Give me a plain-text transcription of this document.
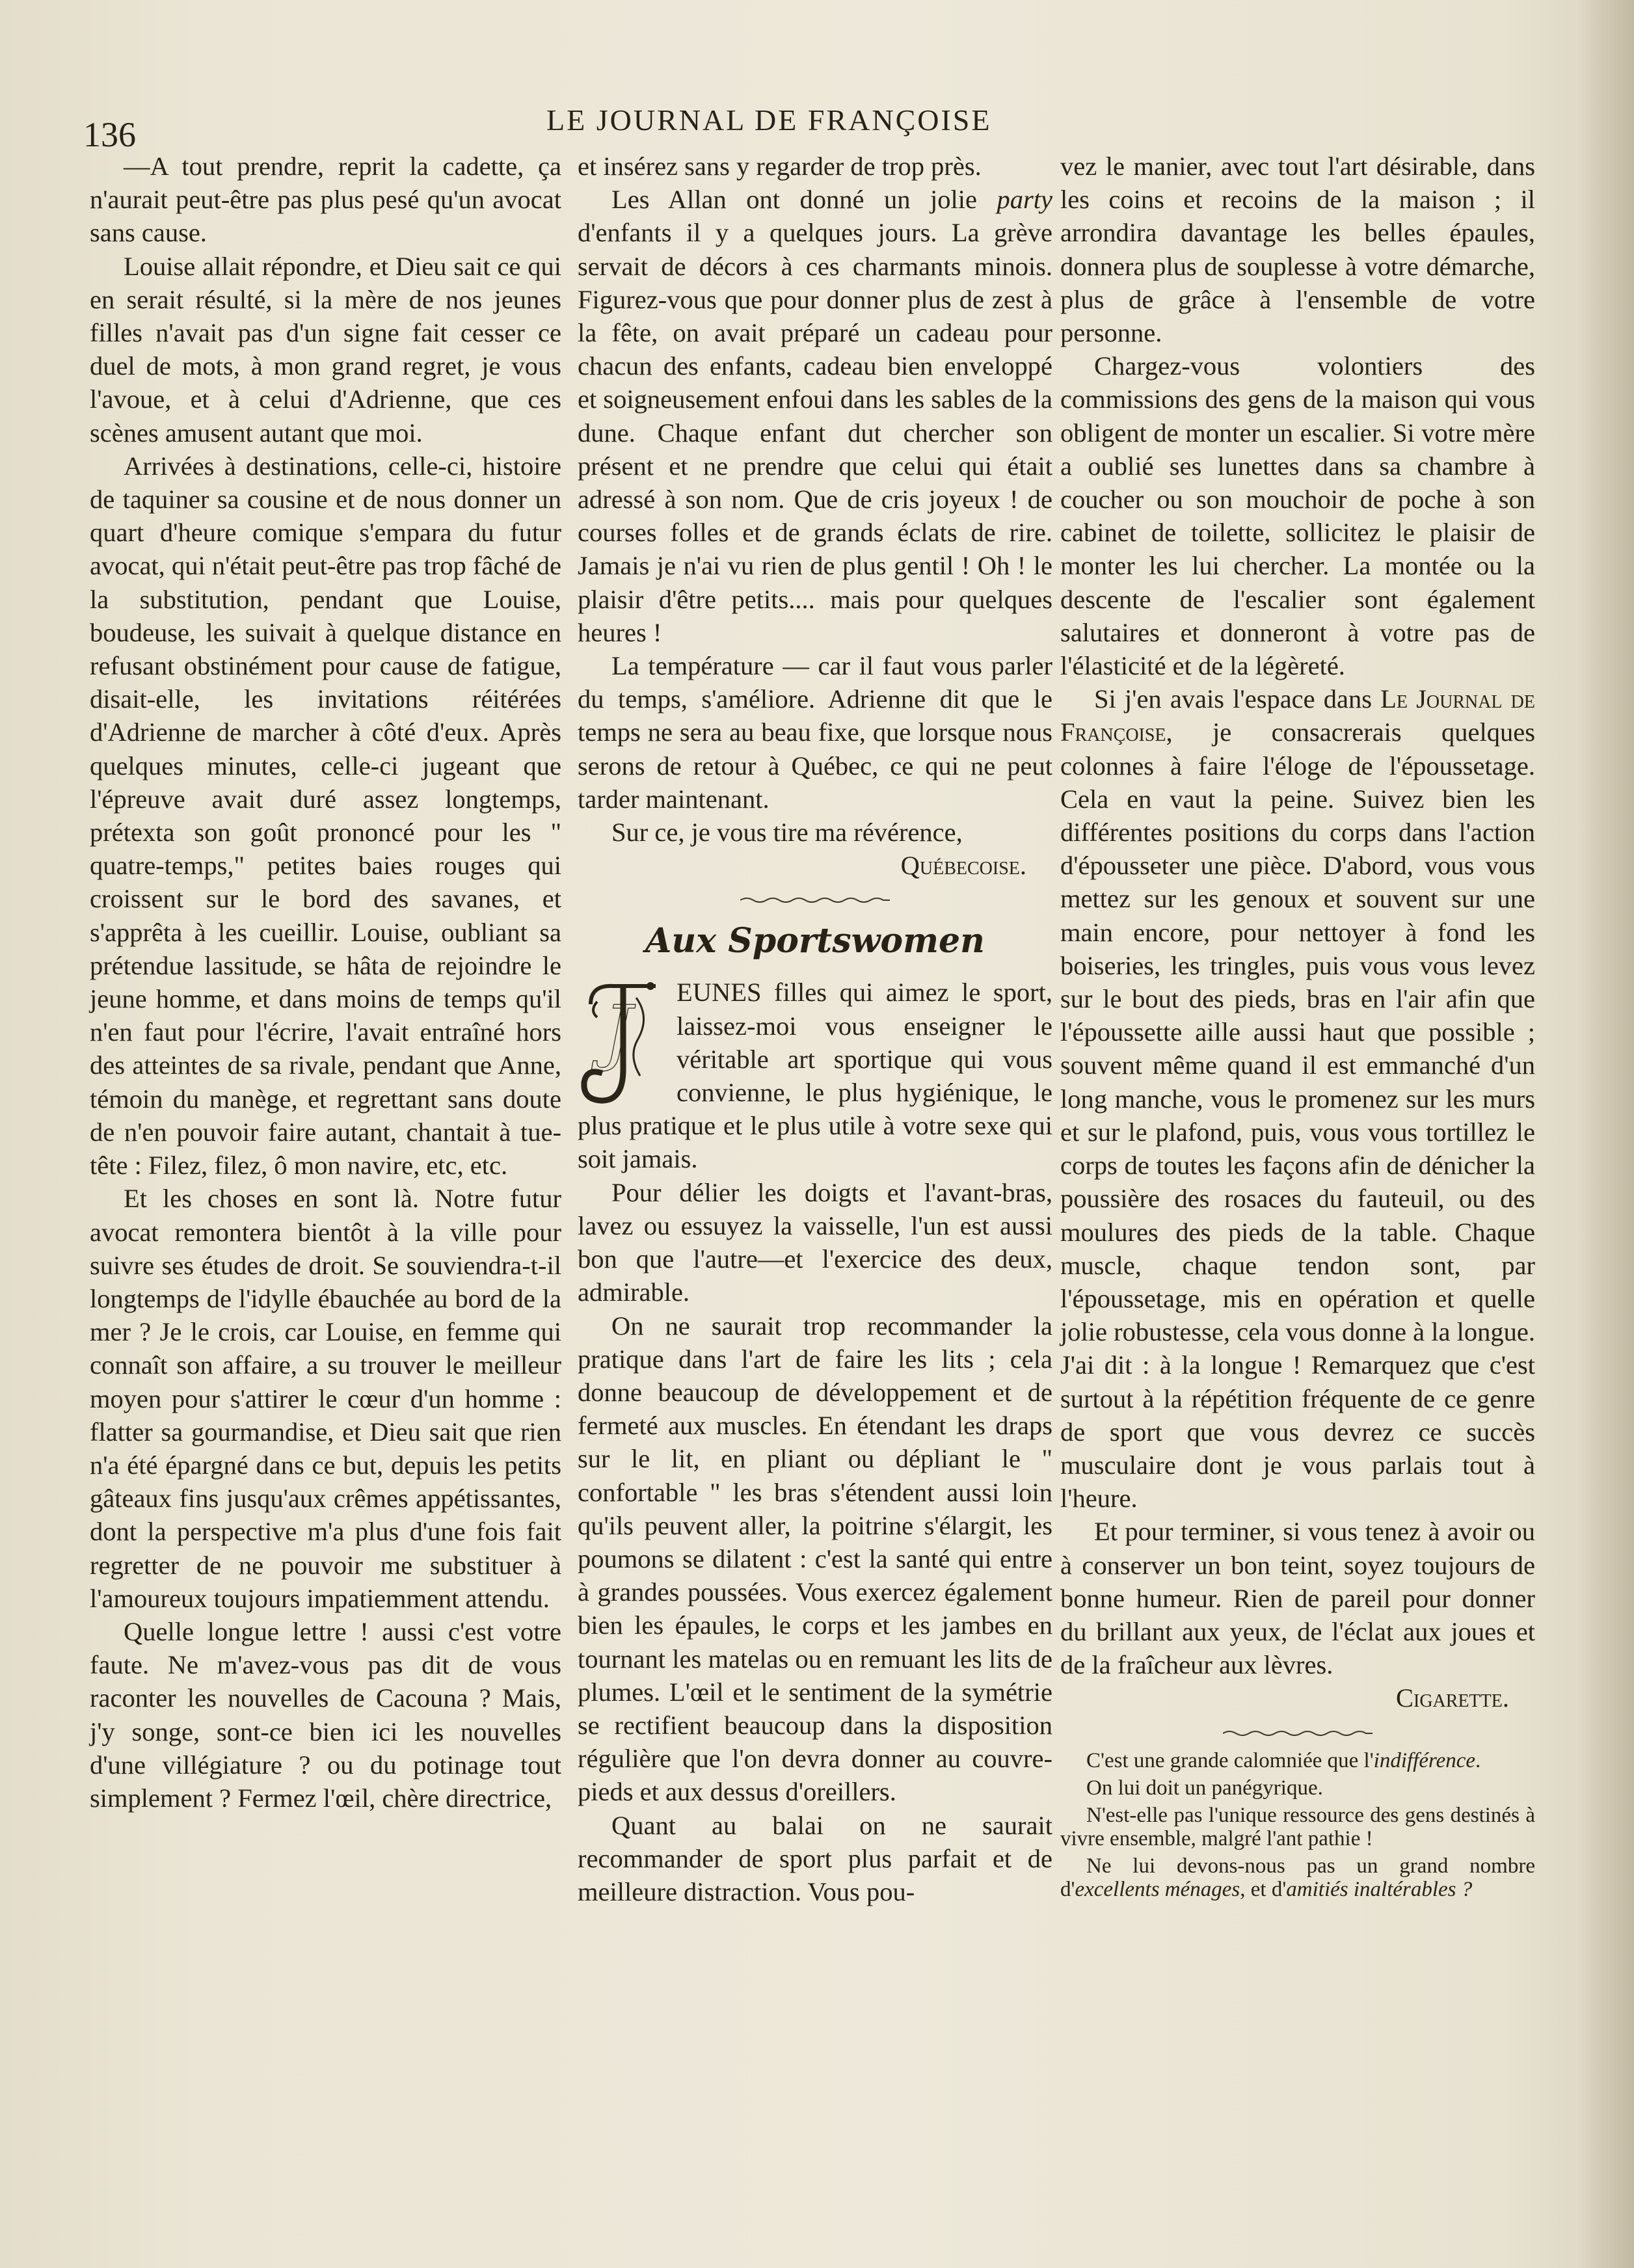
136	LE JOURNAL DE FRANÇOISE

—A tout prendre, reprit la cadette, ça n'aurait peut-être pas plus pesé qu'un avocat sans cause.

Louise allait répondre, et Dieu sait ce qui en serait résulté, si la mère de nos jeunes filles n'avait pas d'un signe fait cesser ce duel de mots, à mon grand regret, je vous l'avoue, et à celui d'Adrienne, que ces scènes amusent autant que moi.

Arrivées à destinations, celle-ci, histoire de taquiner sa cousine et de nous donner un quart d'heure comique s'empara du futur avocat, qui n'était peut-être pas trop fâché de la substitution, pendant que Louise, boudeuse, les suivait à quelque distance en refusant obstinément pour cause de fatigue, disait-elle, les invitations réitérées d'Adrienne de marcher à côté d'eux. Après quelques minutes, celle-ci jugeant que l'épreuve avait duré assez longtemps, prétexta son goût prononcé pour les " quatre-temps," petites baies rouges qui croissent sur le bord des savanes, et s'apprêta à les cueillir. Louise, oubliant sa prétendue lassitude, se hâta de rejoindre le jeune homme, et dans moins de temps qu'il n'en faut pour l'écrire, l'avait entraîné hors des atteintes de sa rivale, pendant que Anne, témoin du manège, et regrettant sans doute de n'en pouvoir faire autant, chantait à tue-tête : Filez, filez, ô mon navire, etc, etc.

Et les choses en sont là. Notre futur avocat remontera bientôt à la ville pour suivre ses études de droit. Se souviendra-t-il longtemps de l'idylle ébauchée au bord de la mer ? Je le crois, car Louise, en femme qui connaît son affaire, a su trouver le meilleur moyen pour s'attirer le cœur d'un homme : flatter sa gourmandise, et Dieu sait que rien n'a été épargné dans ce but, depuis les petits gâteaux fins jusqu'aux crêmes appétissantes, dont la perspective m'a plus d'une fois fait regretter de ne pouvoir me substituer à l'amoureux toujours impatiemment attendu.

Quelle longue lettre ! aussi c'est votre faute. Ne m'avez-vous pas dit de vous raconter les nouvelles de Cacouna ? Mais, j'y songe, sont-ce bien ici les nouvelles d'une villégiature ? ou du potinage tout simplement ? Fermez l'œil, chère directrice,

et insérez sans y regarder de trop près.

Les Allan ont donné un jolie party d'enfants il y a quelques jours. La grève servait de décors à ces charmants minois. Figurez-vous que pour donner plus de zest à la fête, on avait préparé un cadeau pour chacun des enfants, cadeau bien enveloppé et soigneusement enfoui dans les sables de la dune. Chaque enfant dut chercher son présent et ne prendre que celui qui était adressé à son nom. Que de cris joyeux ! de courses folles et de grands éclats de rire. Jamais je n'ai vu rien de plus gentil ! Oh ! le plaisir d'être petits.... mais pour quelques heures !

La température — car il faut vous parler du temps, s'améliore. Adrienne dit que le temps ne sera au beau fixe, que lorsque nous serons de retour à Québec, ce qui ne peut tarder maintenant.

Sur ce, je vous tire ma révérence,

Québecoise.

Aux Sportswomen
J	EUNES filles qui aimez le sport, laissez-moi vous enseigner le véritable art sportique qui vous convienne, le plus hygiénique, le plus pratique et le plus utile à votre sexe qui soit jamais.

Pour délier les doigts et l'avant-bras, lavez ou essuyez la vaisselle, l'un est aussi bon que l'autre—et l'exercice des deux, admirable.

On ne saurait trop recommander la pratique dans l'art de faire les lits ; cela donne beaucoup de développement et de fermeté aux muscles. En étendant les draps sur le lit, en pliant ou dépliant le " confortable " les bras s'étendent aussi loin qu'ils peuvent aller, la poitrine s'élargit, les poumons se dilatent : c'est la santé qui entre à grandes poussées. Vous exercez également bien les épaules, le corps et les jambes en tournant les matelas ou en remuant les lits de plumes. L'œil et le sentiment de la symétrie se rectifient beaucoup dans la disposition régulière que l'on devra donner au couvre-pieds et aux dessus d'oreillers.

Quant au balai on ne saurait recommander de sport plus parfait et de meilleure distraction. Vous pou-

vez le manier, avec tout l'art désirable, dans les coins et recoins de la maison ; il arrondira davantage les belles épaules, donnera plus de souplesse à votre démarche, plus de grâce à l'ensemble de votre personne.

Chargez-vous volontiers des commissions des gens de la maison qui vous obligent de monter un escalier. Si votre mère a oublié ses lunettes dans sa chambre à coucher ou son mouchoir de poche à son cabinet de toilette, sollicitez le plaisir de monter les lui chercher. La montée ou la descente de l'escalier sont également salutaires et donneront à votre pas de l'élasticité et de la légèreté.

Si j'en avais l'espace dans Le Journal de Françoise, je consacrerais quelques colonnes à faire l'éloge de l'époussetage. Cela en vaut la peine. Suivez bien les différentes positions du corps dans l'action d'épousseter une pièce. D'abord, vous vous mettez sur les genoux et souvent sur une main encore, pour nettoyer à fond les boiseries, les tringles, puis vous vous levez sur le bout des pieds, bras en l'air afin que l'époussette aille aussi haut que possible ; souvent même quand il est emmanché d'un long manche, vous le promenez sur les murs et sur le plafond, puis, vous vous tortillez le corps de toutes les façons afin de dénicher la poussière des rosaces du fauteuil, ou des moulures des pieds de la table. Chaque muscle, chaque tendon sont, par l'époussetage, mis en opération et quelle jolie robustesse, cela vous donne à la longue. J'ai dit : à la longue ! Remarquez que c'est surtout à la répétition fréquente de ce genre de sport que vous devrez ce succès musculaire dont je vous parlais tout à l'heure.

Et pour terminer, si vous tenez à avoir ou à conserver un bon teint, soyez toujours de bonne humeur. Rien de pareil pour donner du brillant aux yeux, de l'éclat aux joues et de la fraîcheur aux lèvres.

Cigarette.

C'est une grande calomniée que l'indifférence.

On lui doit un panégyrique.

N'est-elle pas l'unique ressource des gens destinés à vivre ensemble, malgré l'ant pathie !

Ne lui devons-nous pas un grand nombre d'excellents ménages, et d'amitiés inaltérables ?
